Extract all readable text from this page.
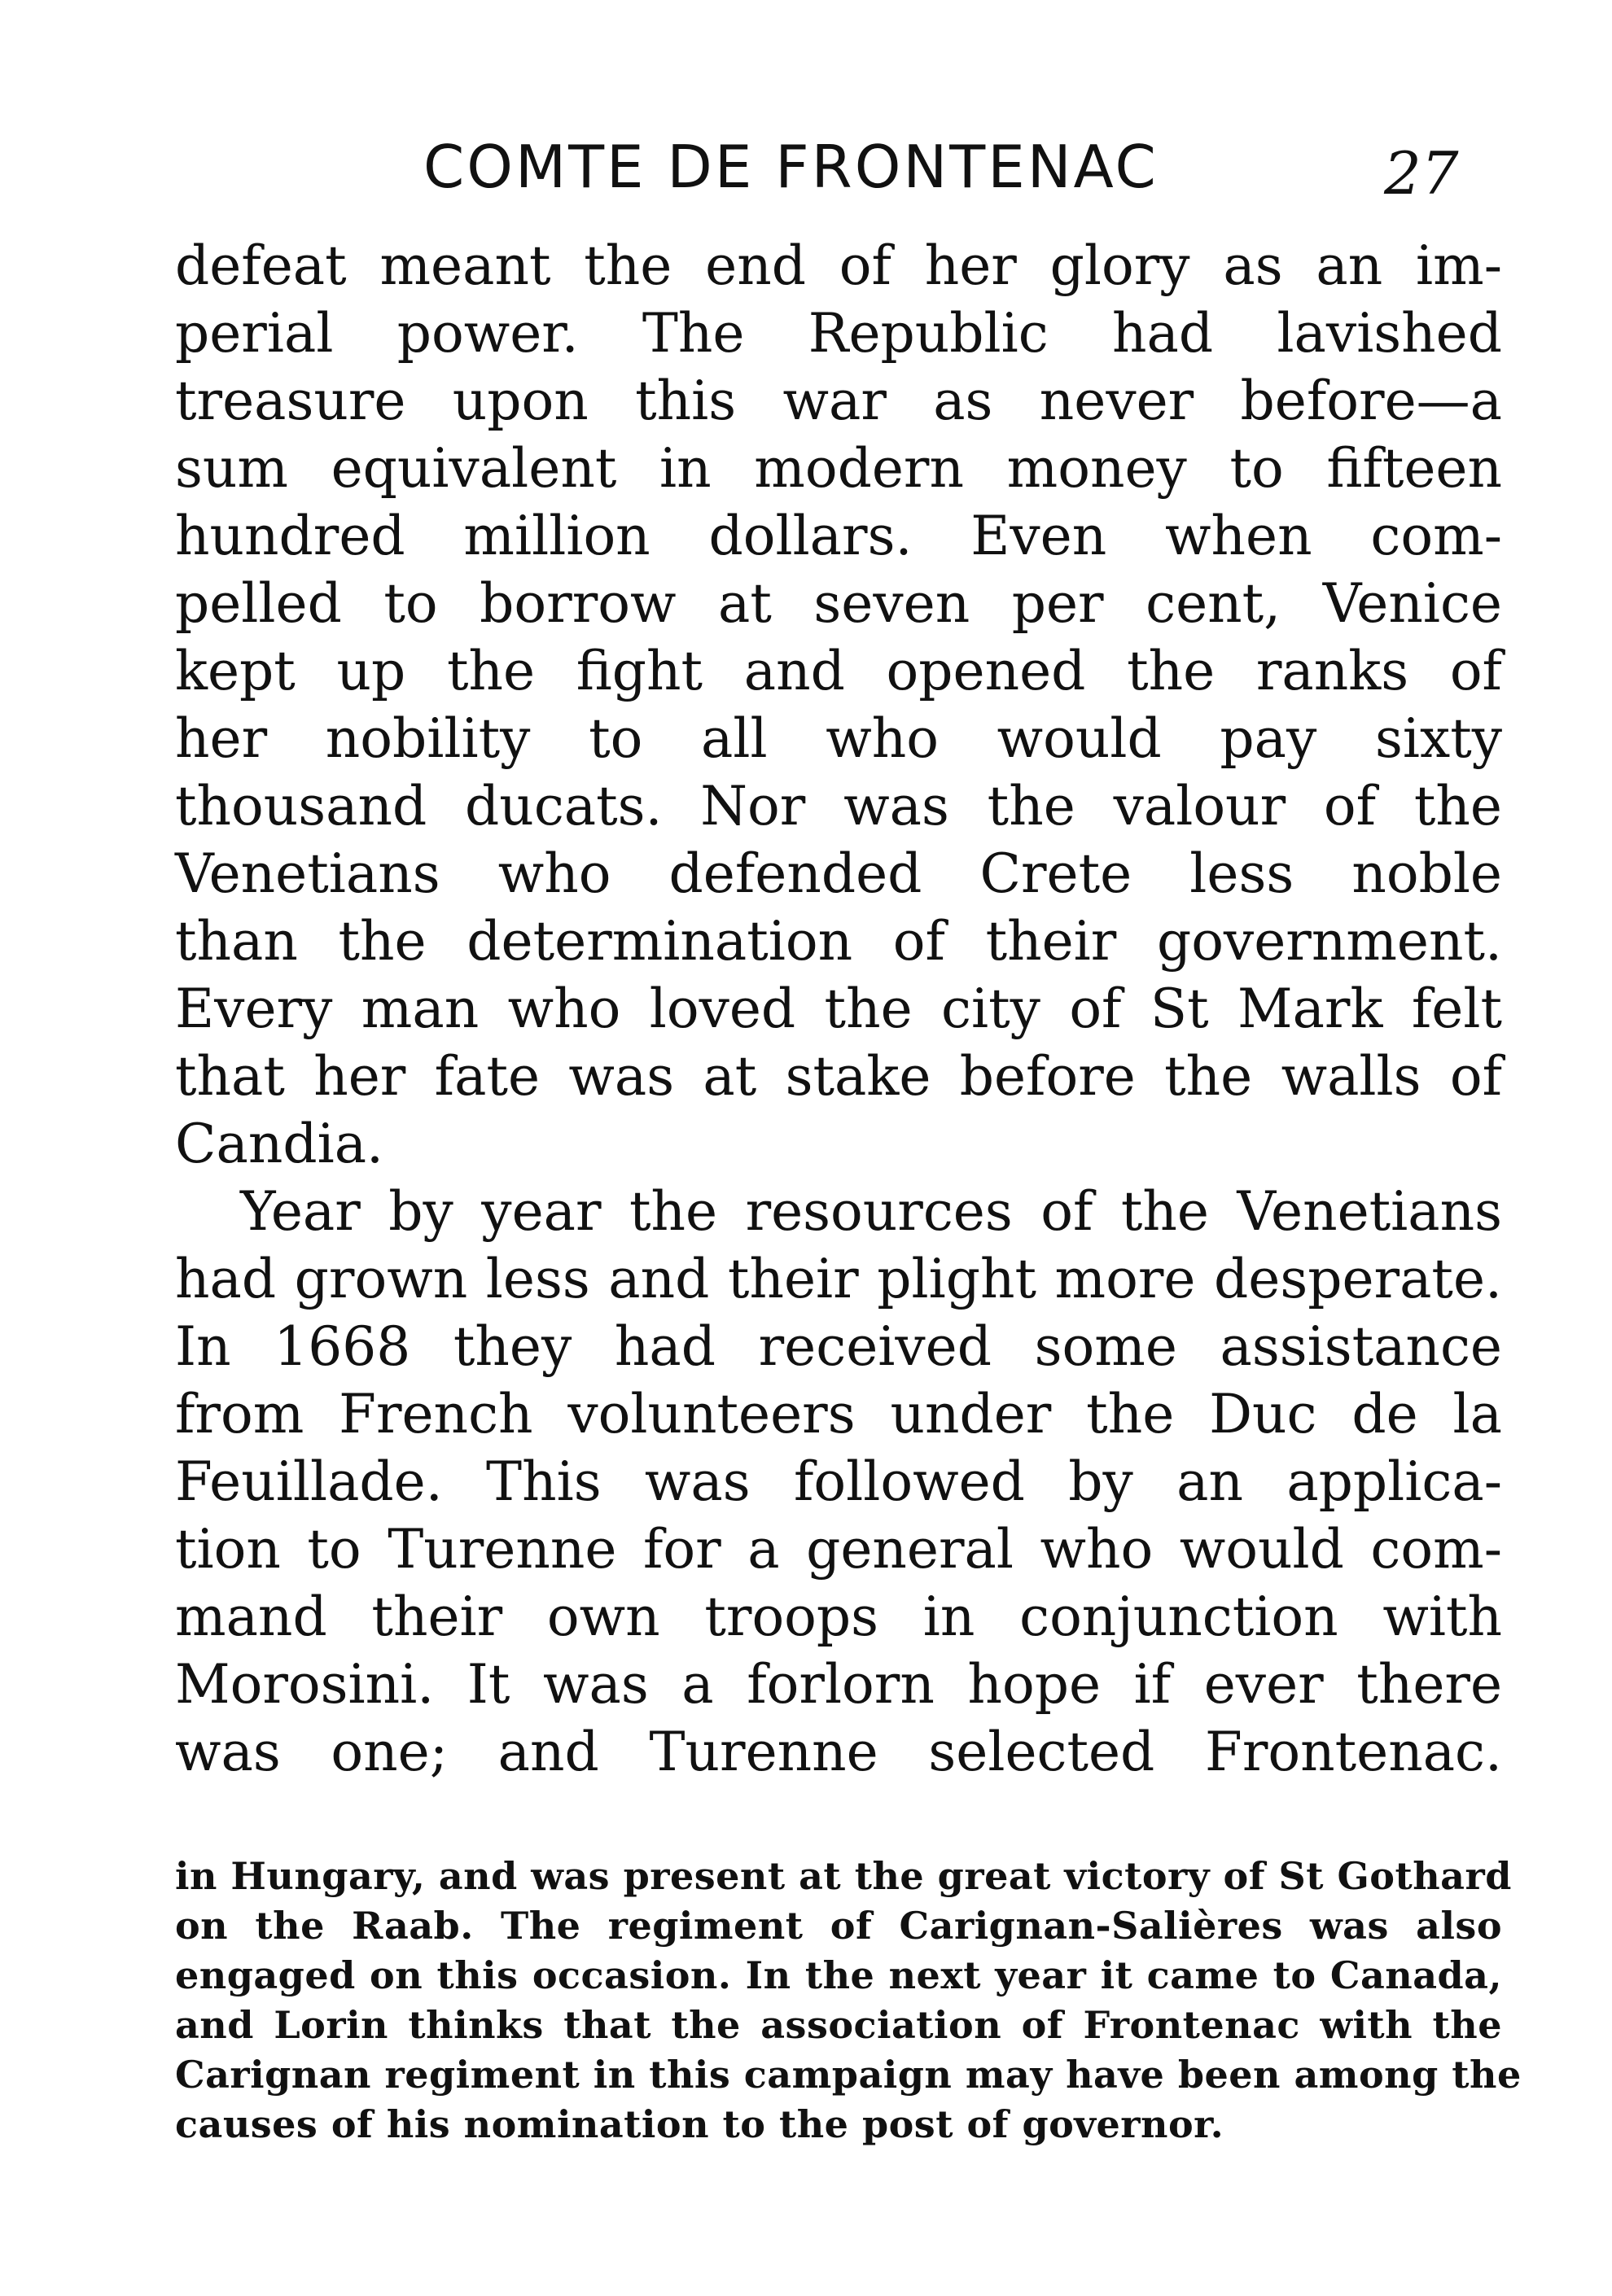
COMTE DE FRONTENAC	27
defeat meant the end of her glory as an im-
perial power. The Republic had lavished
treasure upon this war as never before—a
sum equivalent in modern money to fifteen
hundred million dollars. Even when com-
pelled to borrow at seven per cent, Venice
kept up the fight and opened the ranks of
her nobility to all who would pay sixty
thousand ducats. Nor was the valour of the
Venetians who defended Crete less noble
than the determination of their government.
Every man who loved the city of St Mark felt
that her fate was at stake before the walls of
Candia.
Year by year the resources of the Venetians
had grown less and their plight more desperate.
In 1668 they had received some assistance
from French volunteers under the Duc de la
Feuillade. This was followed by an applica-
tion to Turenne for a general who would com-
mand their own troops in conjunction with
Morosini. It was a forlorn hope if ever there
was one; and Turenne selected Frontenac.
in Hungary, and was present at the great victory of St Gothard
on the Raab. The regiment of Carignan-Salières was also
engaged on this occasion. In the next year it came to Canada,
and Lorin thinks that the association of Frontenac with the
Carignan regiment in this campaign may have been among the
causes of his nomination to the post of governor.
